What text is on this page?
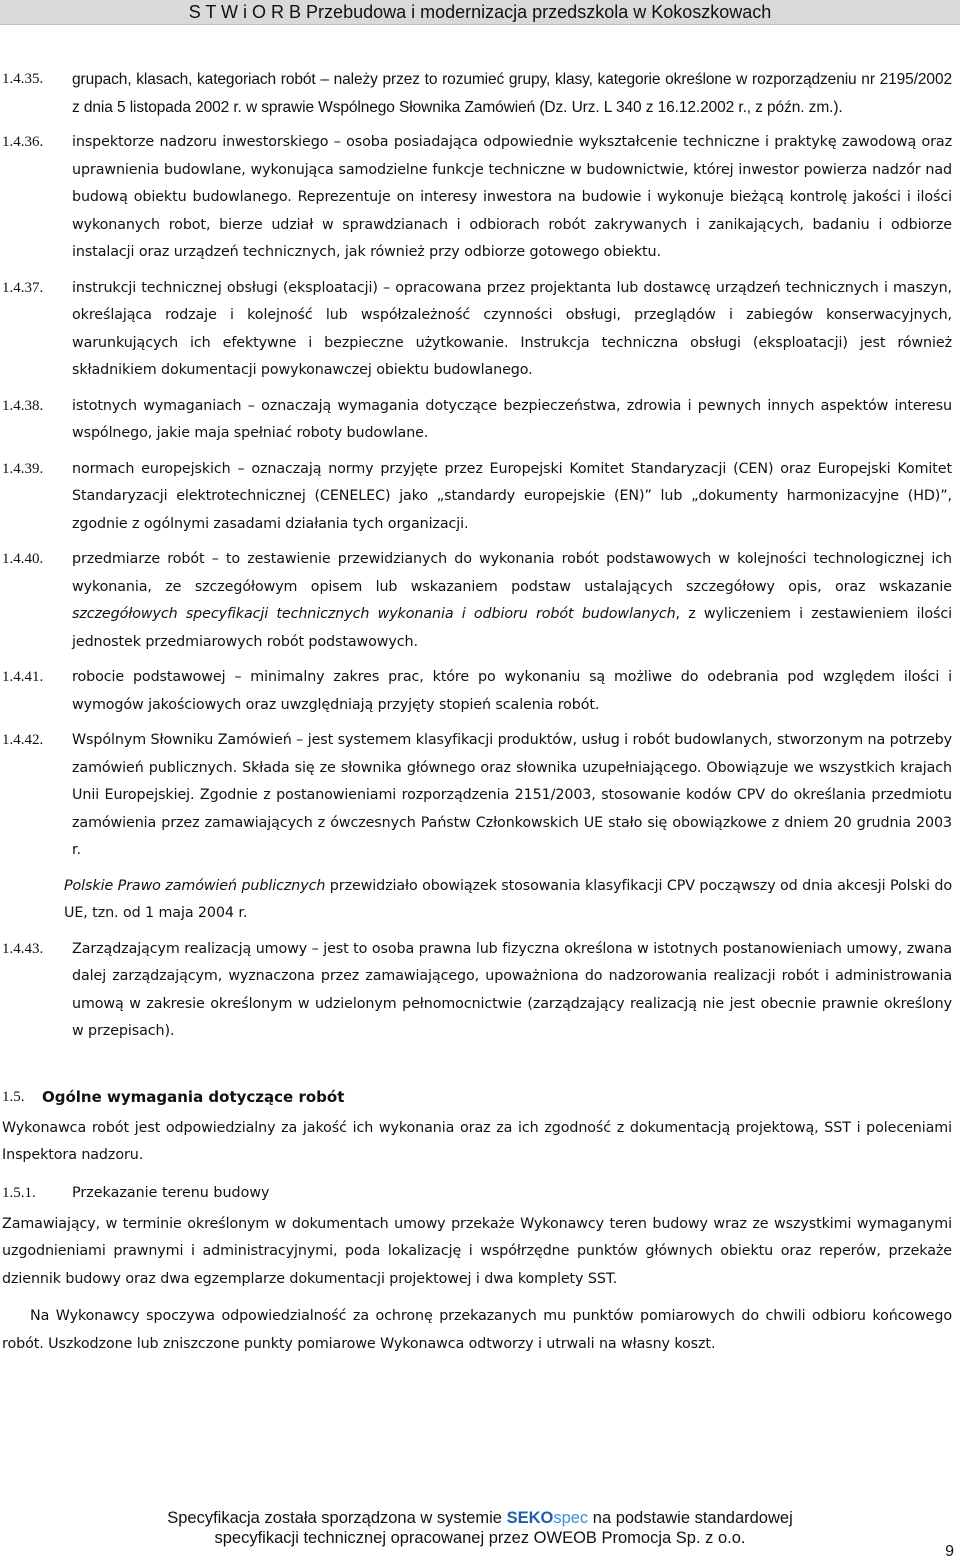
S T W i O R B Przebudowa i modernizacja przedszkola w Kokoszkowach
1.4.35.	grupach, klasach, kategoriach robót – należy przez to rozumieć grupy, klasy, kategorie określone w rozporządzeniu nr 2195/2002 z dnia 5 listopada 2002 r. w sprawie Wspólnego Słownika Zamówień (Dz. Urz. L 340 z 16.12.2002 r., z późn. zm.).
1.4.36.	inspektorze nadzoru inwestorskiego – osoba posiadająca odpowiednie wykształcenie techniczne i praktykę zawodową oraz uprawnienia budowlane, wykonująca samodzielne funkcje techniczne w budownictwie, której inwestor powierza nadzór nad budową obiektu budowlanego. Reprezentuje on interesy inwestora na budowie i wykonuje bieżącą kontrolę jakości i ilości wykonanych robot, bierze udział w sprawdzianach i odbiorach robót zakrywanych i zanikających, badaniu i odbiorze instalacji oraz urządzeń technicznych, jak również przy odbiorze gotowego obiektu.
1.4.37.	instrukcji technicznej obsługi (eksploatacji) – opracowana przez projektanta lub dostawcę urządzeń technicznych i maszyn, określająca rodzaje i kolejność lub współzależność czynności obsługi, przeglądów i zabiegów konserwacyjnych, warunkujących ich efektywne i bezpieczne użytkowanie. Instrukcja techniczna obsługi (eksploatacji) jest również składnikiem dokumentacji powykonawczej obiektu budowlanego.
1.4.38.	istotnych wymaganiach – oznaczają wymagania dotyczące bezpieczeństwa, zdrowia i pewnych innych aspektów interesu wspólnego, jakie maja spełniać roboty budowlane.
1.4.39.	normach europejskich – oznaczają normy przyjęte przez Europejski Komitet Standaryzacji (CEN) oraz Europejski Komitet Standaryzacji elektrotechnicznej (CENELEC) jako „standardy europejskie (EN)” lub „dokumenty harmonizacyjne (HD)”, zgodnie z ogólnymi zasadami działania tych organizacji.
1.4.40.	przedmiarze robót – to zestawienie przewidzianych do wykonania robót podstawowych w kolejności technologicznej ich wykonania, ze szczegółowym opisem lub wskazaniem podstaw ustalających szczegółowy opis, oraz wskazanie szczegółowych specyfikacji technicznych wykonania i odbioru robót budowlanych, z wyliczeniem i zestawieniem ilości jednostek przedmiarowych robót podstawowych.
1.4.41.	robocie podstawowej – minimalny zakres prac, które po wykonaniu są możliwe do odebrania pod względem ilości i wymogów jakościowych oraz uwzględniają przyjęty stopień scalenia robót.
1.4.42.	Wspólnym Słowniku Zamówień – jest systemem klasyfikacji produktów, usług i robót budowlanych, stworzonym na potrzeby zamówień publicznych. Składa się ze słownika głównego oraz słownika uzupełniającego. Obowiązuje we wszystkich krajach Unii Europejskiej. Zgodnie z postanowieniami rozporządzenia 2151/2003, stosowanie kodów CPV do określania przedmiotu zamówienia przez zamawiających z ówczesnych Państw Członkowskich UE stało się obowiązkowe z dniem 20 grudnia 2003 r.

Polskie Prawo zamówień publicznych przewidziało obowiązek stosowania klasyfikacji CPV począwszy od dnia akcesji Polski do UE, tzn. od 1 maja 2004 r.

1.4.43.	Zarządzającym realizacją umowy – jest to osoba prawna lub fizyczna określona w istotnych postanowieniach umowy, zwana dalej zarządzającym, wyznaczona przez zamawiającego, upoważniona do nadzorowania realizacji robót i administrowania umową w zakresie określonym w udzielonym pełnomocnictwie (zarządzający realizacją nie jest obecnie prawnie określony w przepisach).
1.5.	Ogólne wymagania dotyczące robót

Wykonawca robót jest odpowiedzialny za jakość ich wykonania oraz za ich zgodność z dokumentacją projektową, SST i poleceniami Inspektora nadzoru.

1.5.1.	Przekazanie terenu budowy

Zamawiający, w terminie określonym w dokumentach umowy przekaże Wykonawcy teren budowy wraz ze wszystkimi wymaganymi uzgodnieniami prawnymi i administracyjnymi, poda lokalizację i współrzędne punktów głównych obiektu oraz reperów, przekaże dziennik budowy oraz dwa egzemplarze dokumentacji projektowej i dwa komplety SST.

Na Wykonawcy spoczywa odpowiedzialność za ochronę przekazanych mu punktów pomiarowych do chwili odbioru końcowego robót. Uszkodzone lub zniszczone punkty pomiarowe Wykonawca odtworzy i utrwali na własny koszt.

Specyfikacja została sporządzona w systemie SEKOspec na podstawie standardowej
specyfikacji technicznej opracowanej przez OWEOB Promocja Sp. z o.o.
9
